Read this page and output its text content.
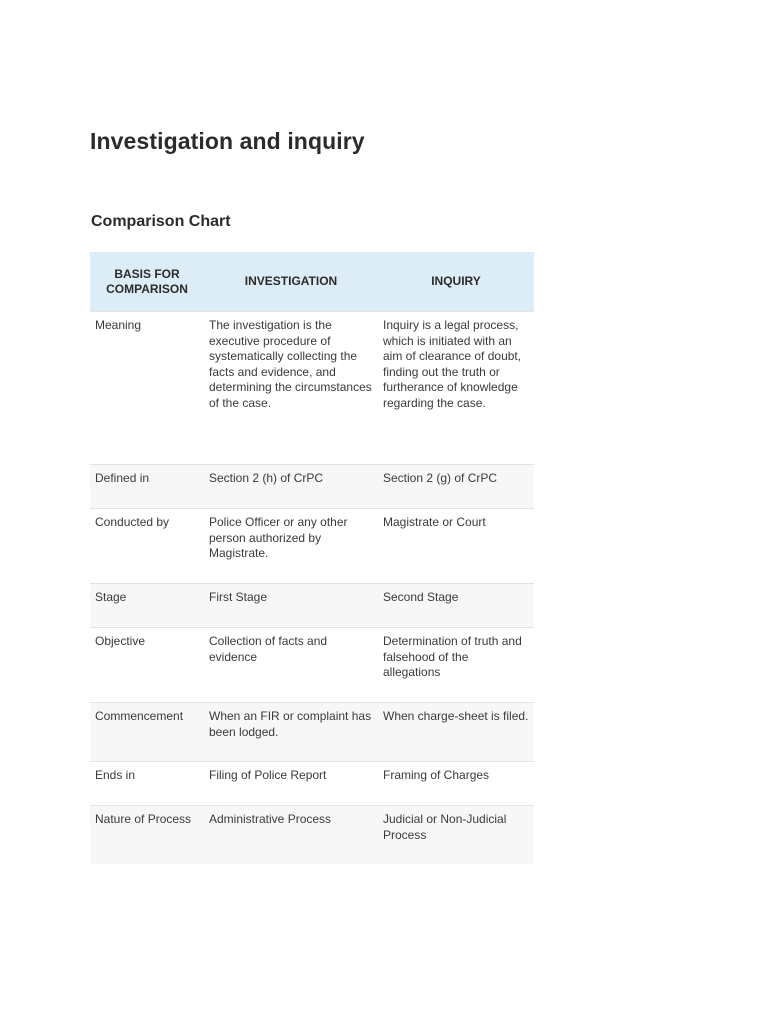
Investigation and inquiry
Comparison Chart
BASIS FOR COMPARISON	INVESTIGATION	INQUIRY
Meaning	The investigation is the executive procedure of systematically collecting the facts and evidence, and determining the circumstances of the case.	Inquiry is a legal process, which is initiated with an aim of clearance of doubt, finding out the truth or furtherance of knowledge regarding the case.
Defined in	Section 2 (h) of CrPC	Section 2 (g) of CrPC
Conducted by	Police Officer or any other person authorized by Magistrate.	Magistrate or Court
Stage	First Stage	Second Stage
Objective	Collection of facts and evidence	Determination of truth and falsehood of the allegations
Commencement	When an FIR or complaint has been lodged.	When charge-sheet is filed.
Ends in	Filing of Police Report	Framing of Charges
Nature of Process	Administrative Process	Judicial or Non-Judicial Process
